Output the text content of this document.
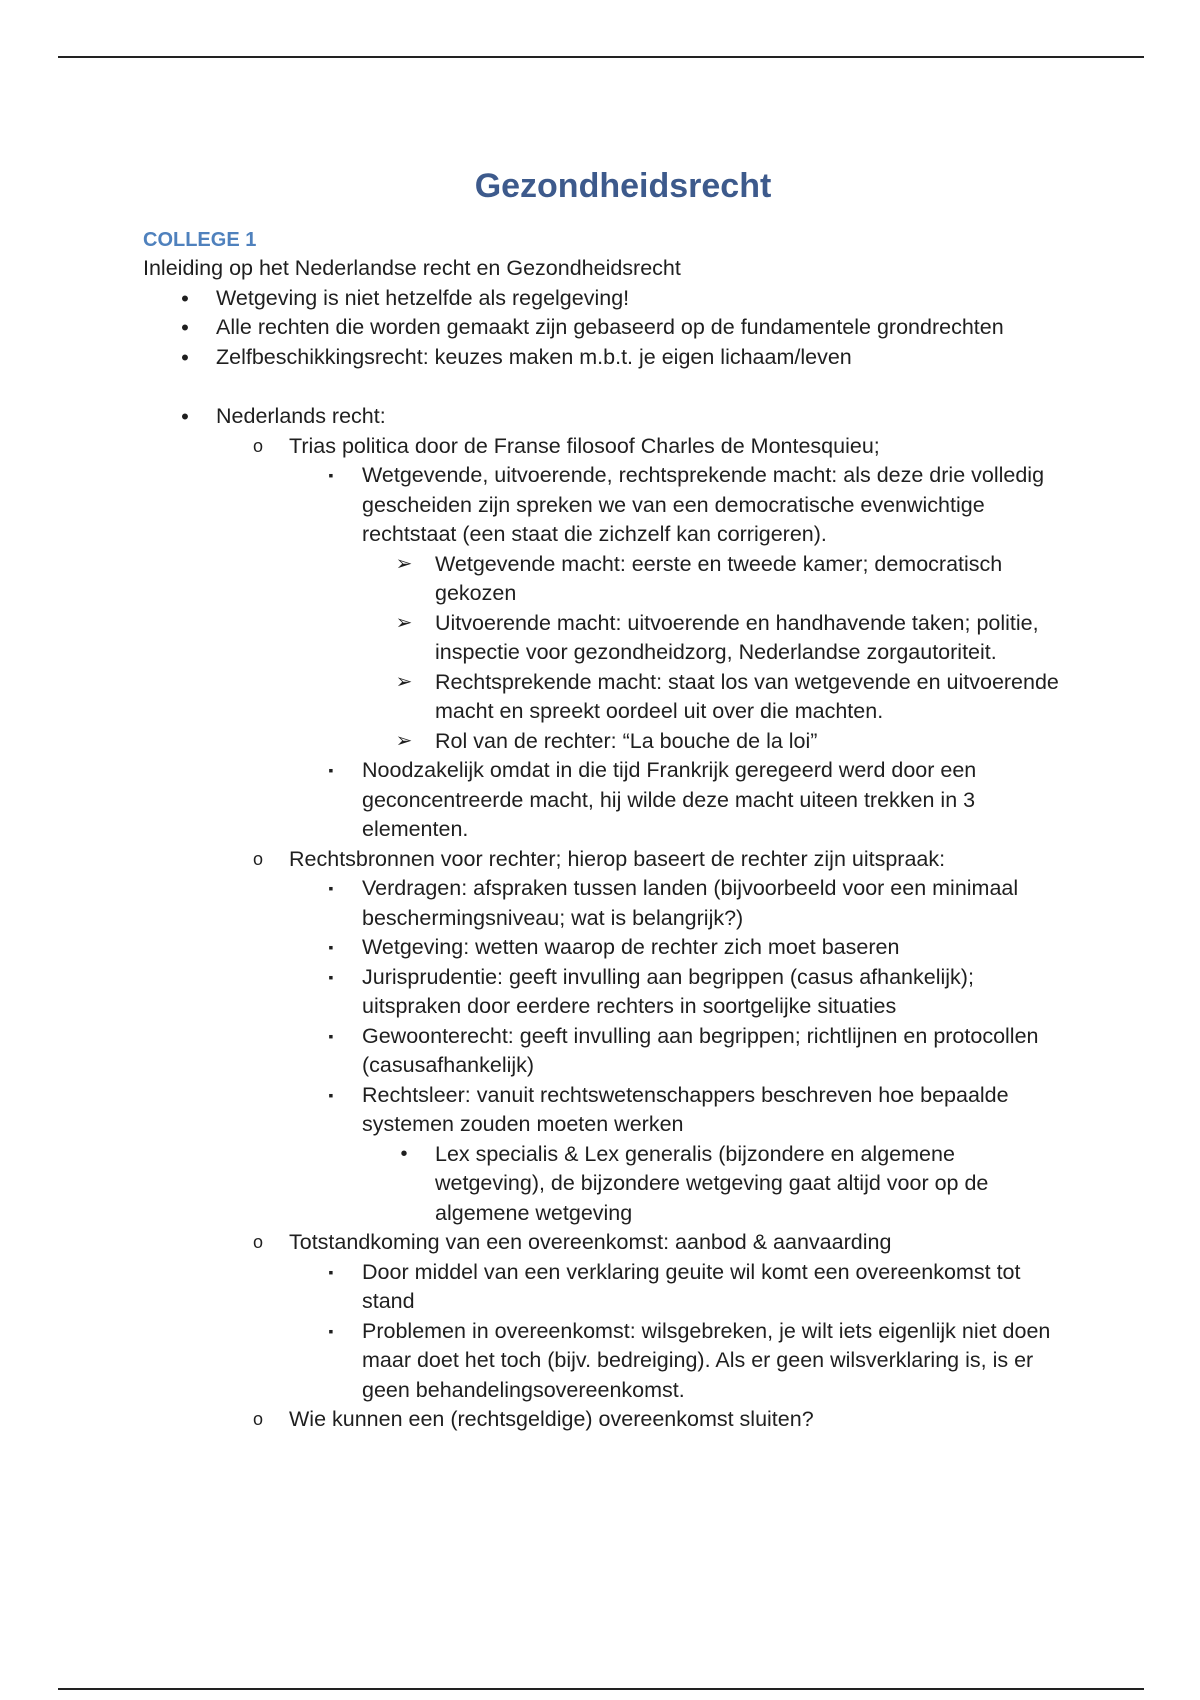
Gezondheidsrecht
COLLEGE 1

Inleiding op het Nederlandse recht en Gezondheidsrecht

•	Wetgeving is niet hetzelfde als regelgeving!
•	Alle rechten die worden gemaakt zijn gebaseerd op de fundamentele grondrechten
•	Zelfbeschikkingsrecht: keuzes maken m.b.t. je eigen lichaam/leven
•	Nederlands recht:
o	Trias politica door de Franse filosoof Charles de Montesquieu;
▪	Wetgevende, uitvoerende, rechtsprekende macht: als deze drie volledig gescheiden zijn spreken we van een democratische evenwichtige rechtstaat (een staat die zichzelf kan corrigeren).
➢	Wetgevende macht: eerste en tweede kamer; democratisch gekozen
➢	Uitvoerende macht: uitvoerende en handhavende taken; politie, inspectie voor gezondheidzorg, Nederlandse zorgautoriteit.
➢	Rechtsprekende macht: staat los van wetgevende en uitvoerende macht en spreekt oordeel uit over die machten.
➢	Rol van de rechter: “La bouche de la loi”
▪	Noodzakelijk omdat in die tijd Frankrijk geregeerd werd door een geconcentreerde macht, hij wilde deze macht uiteen trekken in 3 elementen.
o	Rechtsbronnen voor rechter; hierop baseert de rechter zijn uitspraak:
▪	Verdragen: afspraken tussen landen (bijvoorbeeld voor een minimaal beschermingsniveau; wat is belangrijk?)
▪	Wetgeving: wetten waarop de rechter zich moet baseren
▪	Jurisprudentie: geeft invulling aan begrippen (casus afhankelijk); uitspraken door eerdere rechters in soortgelijke situaties
▪	Gewoonterecht: geeft invulling aan begrippen; richtlijnen en protocollen (casusafhankelijk)
▪	Rechtsleer: vanuit rechtswetenschappers beschreven hoe bepaalde systemen zouden moeten werken
•	Lex specialis & Lex generalis (bijzondere en algemene wetgeving), de bijzondere wetgeving gaat altijd voor op de algemene wetgeving
o	Totstandkoming van een overeenkomst: aanbod & aanvaarding
▪	Door middel van een verklaring geuite wil komt een overeenkomst tot stand
▪	Problemen in overeenkomst: wilsgebreken, je wilt iets eigenlijk niet doen maar doet het toch (bijv. bedreiging). Als er geen wilsverklaring is, is er geen behandelingsovereenkomst.
o	Wie kunnen een (rechtsgeldige) overeenkomst sluiten?
